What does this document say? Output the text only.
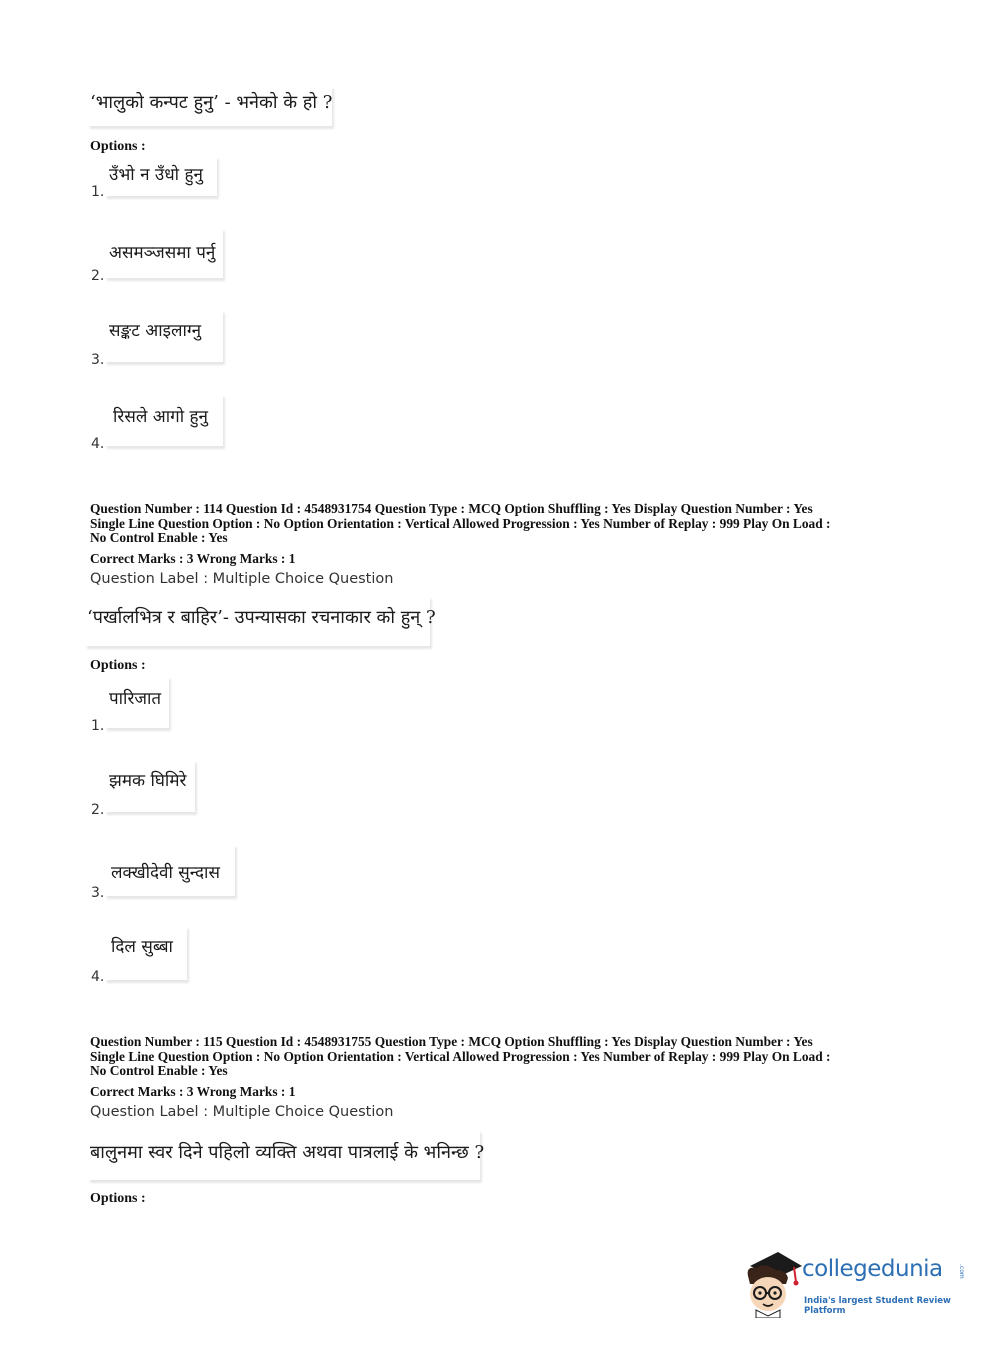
‘भालुको कन्पट हुनु’ - भनेको के हो ?
Options :
उँभो न उँधो हुनु
1.
असमञ्जसमा पर्नु
2.
सङ्कट आइलाग्नु
3.
रिसले आगो हुनु
4.
Question Number : 114 Question Id : 4548931754 Question Type : MCQ Option Shuffling : Yes Display Question Number : Yes
Single Line Question Option : No Option Orientation : Vertical Allowed Progression : Yes Number of Replay : 999 Play On Load :
No Control Enable : Yes
Correct Marks : 3 Wrong Marks : 1
Question Label : Multiple Choice Question
‘पर्खालभित्र र बाहिर’- उपन्यासका रचनाकार को हुन् ?
Options :
पारिजात
1.
झमक घिमिरे
2.
लक्खीदेवी सुन्दास
3.
दिल सुब्बा
4.
Question Number : 115 Question Id : 4548931755 Question Type : MCQ Option Shuffling : Yes Display Question Number : Yes
Single Line Question Option : No Option Orientation : Vertical Allowed Progression : Yes Number of Replay : 999 Play On Load :
No Control Enable : Yes
Correct Marks : 3 Wrong Marks : 1
Question Label : Multiple Choice Question
बालुनमा स्वर दिने पहिलो व्यक्ति अथवा पात्रलाई के भनिन्छ ?
Options :
collegedunia	.com
India's largest Student Review Platform
